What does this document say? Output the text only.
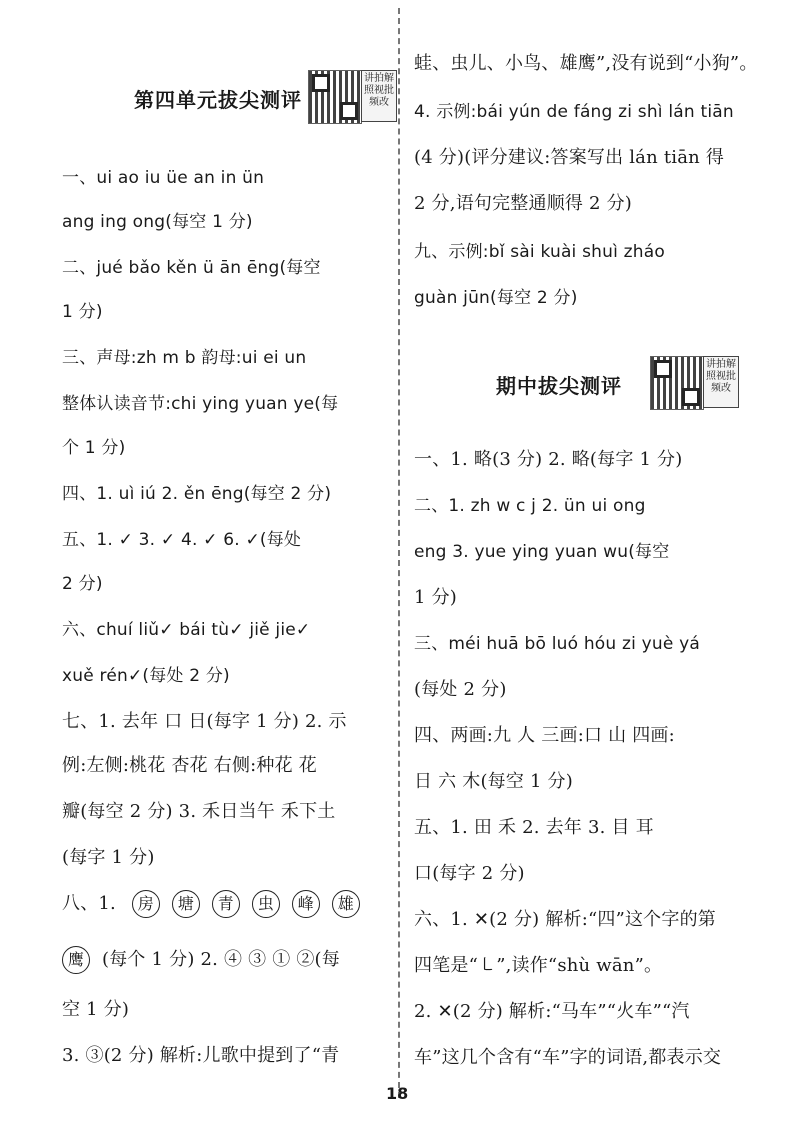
第四单元拔尖测评
讲拍解照视批频改
一、ui ao iu üe an in ün
ang ing ong(每空 1 分)
二、jué bǎo kěn ü ān ēng(每空
1 分)
三、声母:zh m b 韵母:ui ei un
整体认读音节:chi ying yuan ye(每
个 1 分)
四、1. uì iú 2. ěn ēng(每空 2 分)
五、1. ✓ 3. ✓ 4. ✓ 6. ✓(每处
2 分)
六、chuí liǔ✓ bái tù✓ jiě jie✓
xuě rén✓(每处 2 分)
七、1. 去年 口 日(每字 1 分) 2. 示
例:左侧:桃花 杏花 右侧:种花 花
瓣(每空 2 分) 3. 禾日当午 禾下土
(每字 1 分)
八、1. 房 塘 青 虫 峰 雄
鹰 (每个 1 分) 2. ④ ③ ① ②(每
空 1 分)
3. ③(2 分) 解析:儿歌中提到了“青
蛙、虫儿、小鸟、雄鹰”,没有说到“小狗”。
4. 示例:bái yún de fáng zi shì lán tiān
(4 分)(评分建议:答案写出 lán tiān 得
2 分,语句完整通顺得 2 分)
九、示例:bǐ sài kuài shuì zháo
guàn jūn(每空 2 分)
期中拔尖测评
讲拍解照视批频改
一、1. 略(3 分) 2. 略(每字 1 分)
二、1. zh w c j 2. ün ui ong
eng 3. yue ying yuan wu(每空
1 分)
三、méi huā bō luó hóu zi yuè yá
(每处 2 分)
四、两画:九 人 三画:口 山 四画:
日 六 木(每空 1 分)
五、1. 田 禾 2. 去年 3. 目 耳
口(每字 2 分)
六、1. ✕(2 分) 解析:“四”这个字的第
四笔是“㇄”,读作“shù wān”。
2. ✕(2 分) 解析:“马车”“火车”“汽
车”这几个含有“车”字的词语,都表示交
18
